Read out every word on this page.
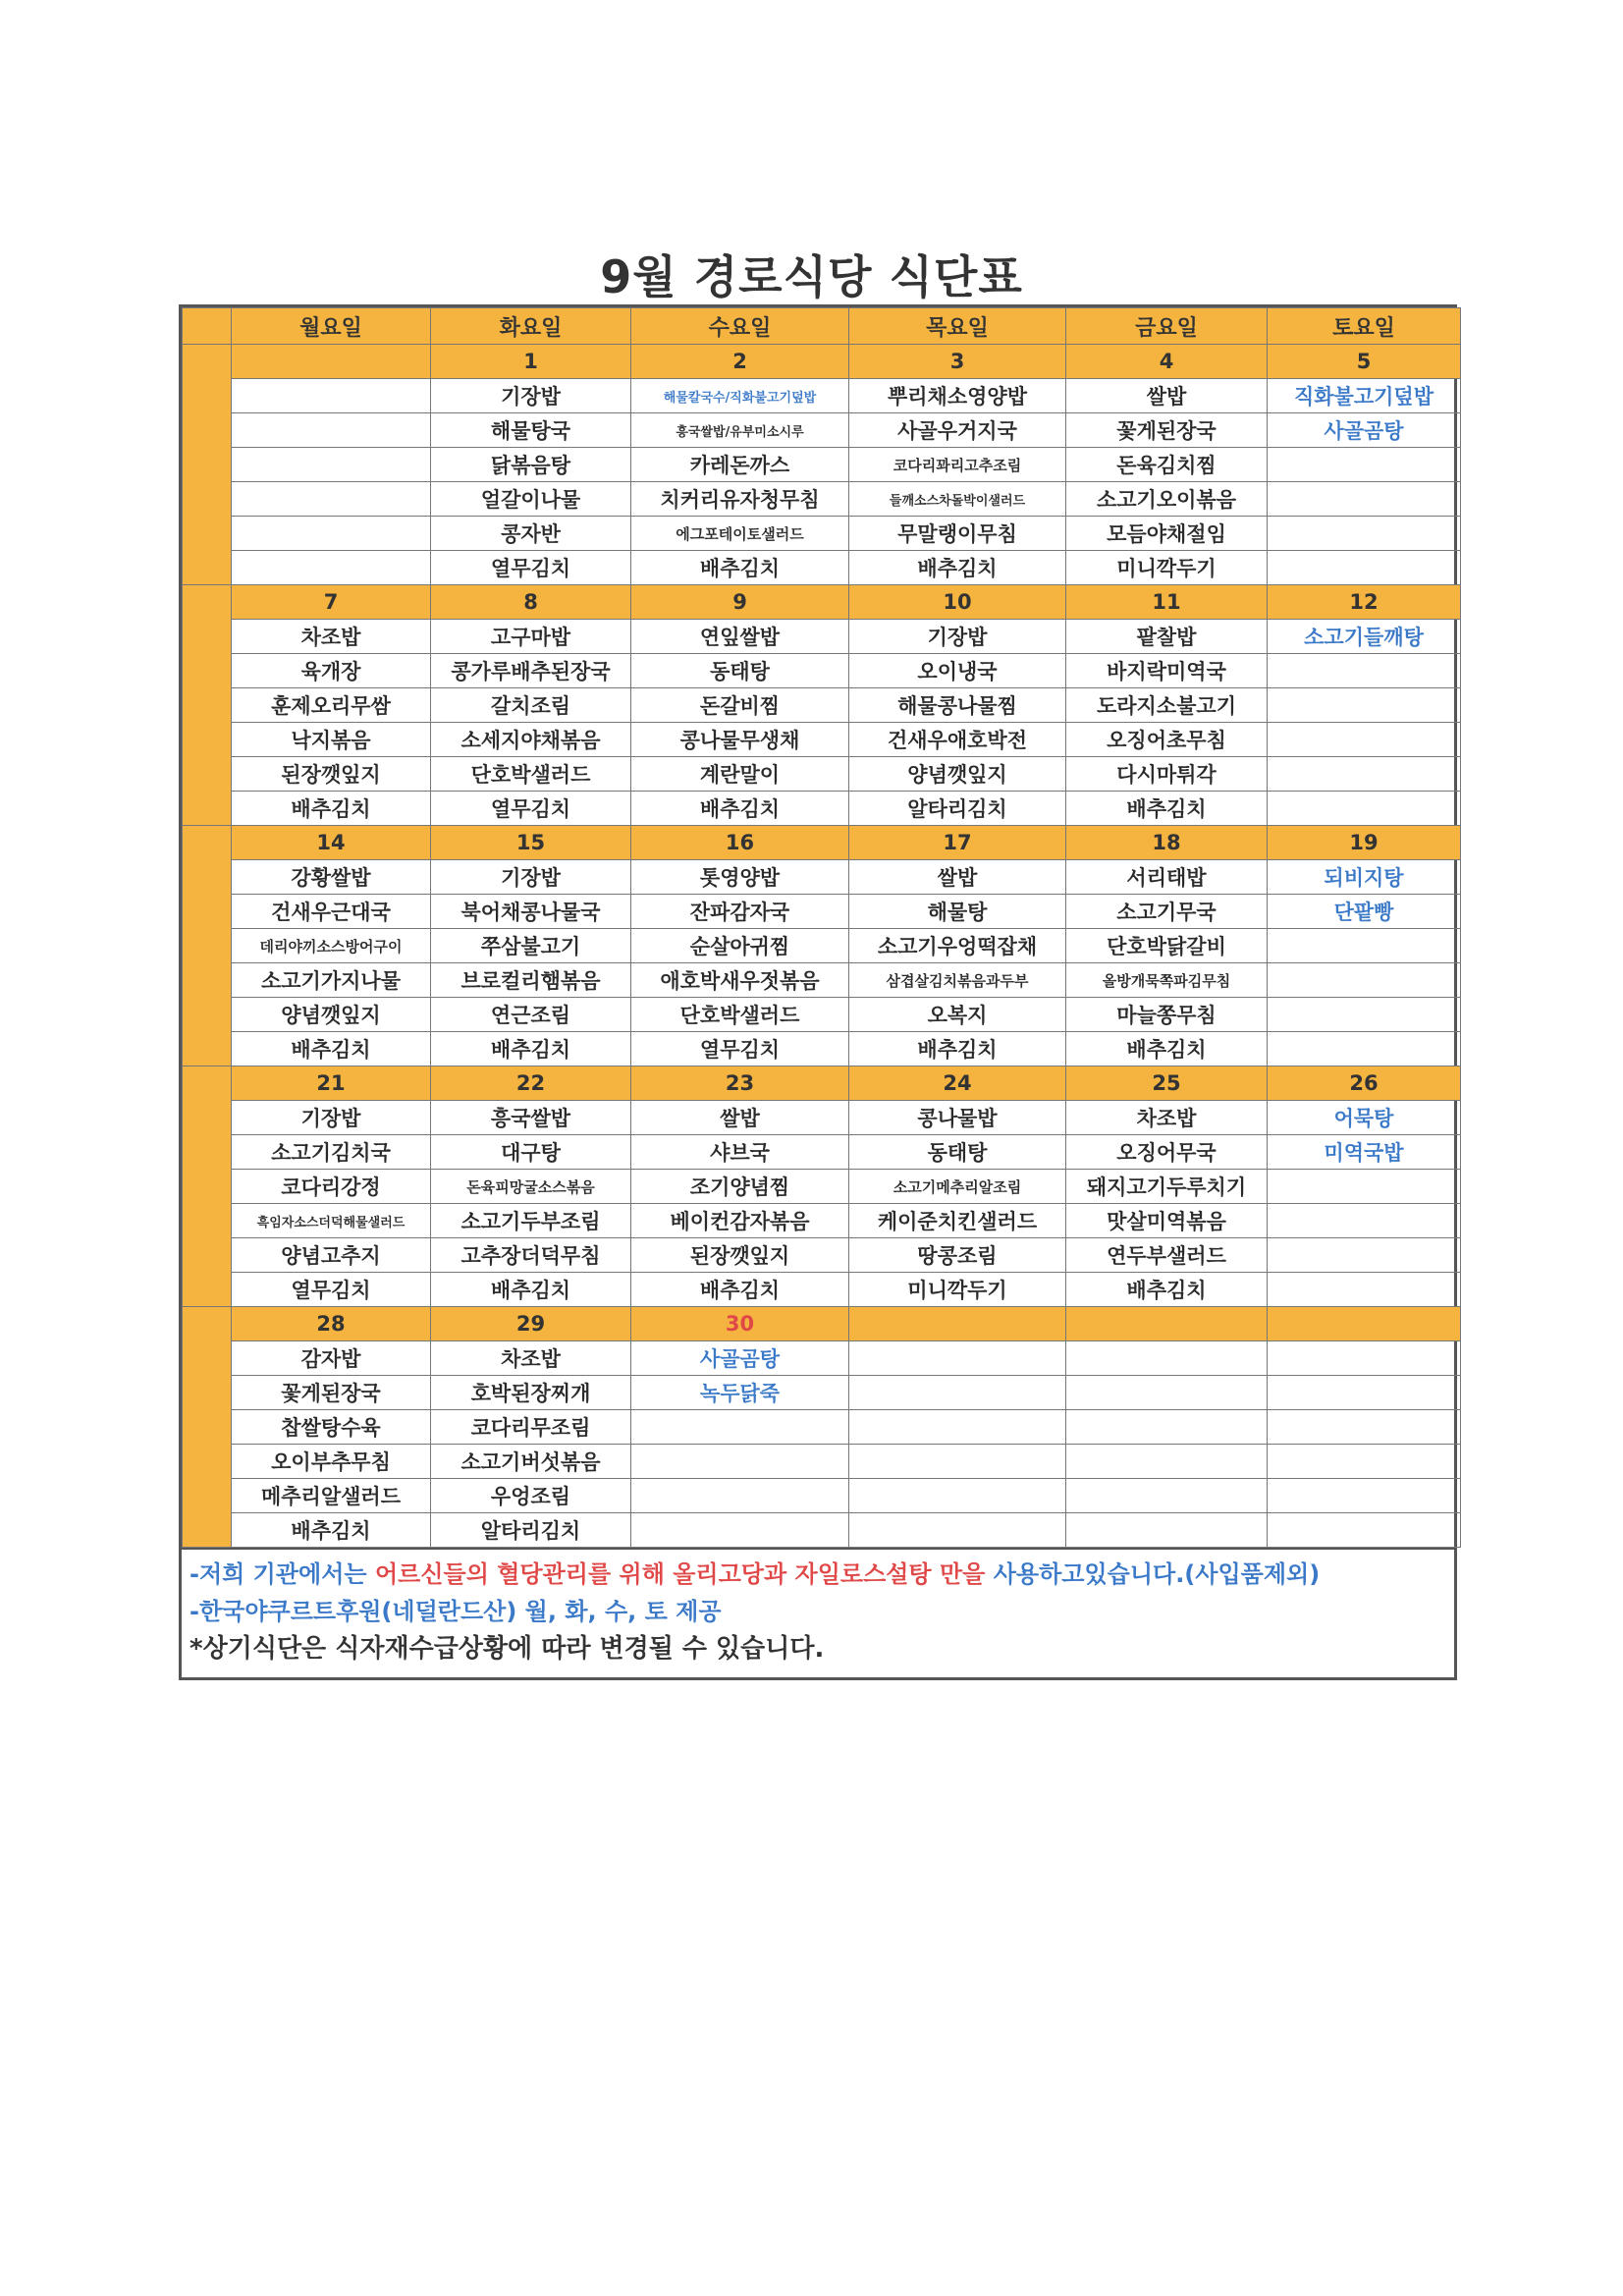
9월 경로식당 식단표
	월요일	화요일	수요일	목요일	금요일	토요일
		1	2	3	4	5
		기장밥	해물칼국수/직화불고기덮밥	뿌리채소영양밥	쌀밥	직화불고기덮밥
		해물탕국	흥국쌀밥/유부미소시루	사골우거지국	꽃게된장국	사골곰탕
		닭볶음탕	카레돈까스	코다리꽈리고추조림	돈육김치찜	
		얼갈이나물	치커리유자청무침	들깨소스차돌박이샐러드	소고기오이볶음	
		콩자반	에그포테이토샐러드	무말랭이무침	모듬야채절임	
		열무김치	배추김치	배추김치	미니깍두기	
	7	8	9	10	11	12
	차조밥	고구마밥	연잎쌀밥	기장밥	팥찰밥	소고기들깨탕
	육개장	콩가루배추된장국	동태탕	오이냉국	바지락미역국	
	훈제오리무쌈	갈치조림	돈갈비찜	해물콩나물찜	도라지소불고기	
	낙지볶음	소세지야채볶음	콩나물무생채	건새우애호박전	오징어초무침	
	된장깻잎지	단호박샐러드	계란말이	양념깻잎지	다시마튀각	
	배추김치	열무김치	배추김치	알타리김치	배추김치	
	14	15	16	17	18	19
	강황쌀밥	기장밥	톳영양밥	쌀밥	서리태밥	되비지탕
	건새우근대국	북어채콩나물국	잔파감자국	해물탕	소고기무국	단팥빵
	데리야끼소스방어구이	쭈삼불고기	순살아귀찜	소고기우엉떡잡채	단호박닭갈비	
	소고기가지나물	브로컬리햄볶음	애호박새우젓볶음	삼겹살김치볶음과두부	올방개묵쪽파김무침	
	양념깻잎지	연근조림	단호박샐러드	오복지	마늘쫑무침	
	배추김치	배추김치	열무김치	배추김치	배추김치	
	21	22	23	24	25	26
	기장밥	흥국쌀밥	쌀밥	콩나물밥	차조밥	어묵탕
	소고기김치국	대구탕	샤브국	동태탕	오징어무국	미역국밥
	코다리강정	돈육피망굴소스볶음	조기양념찜	소고기메추리알조림	돼지고기두루치기	
	흑임자소스더덕해물샐러드	소고기두부조림	베이컨감자볶음	케이준치킨샐러드	맛살미역볶음	
	양념고추지	고추장더덕무침	된장깻잎지	땅콩조림	연두부샐러드	
	열무김치	배추김치	배추김치	미니깍두기	배추김치	
	28	29	30			
	감자밥	차조밥	사골곰탕			
	꽃게된장국	호박된장찌개	녹두닭죽			
	찹쌀탕수육	코다리무조림				
	오이부추무침	소고기버섯볶음				
	메추리알샐러드	우엉조림				
	배추김치	알타리김치				
-저희 기관에서는 어르신들의 혈당관리를 위해 올리고당과 자일로스설탕 만을 사용하고있습니다.(사입품제외)
-한국야쿠르트후원(네덜란드산) 월, 화, 수, 토 제공
*상기식단은 식자재수급상황에 따라 변경될 수 있습니다.
